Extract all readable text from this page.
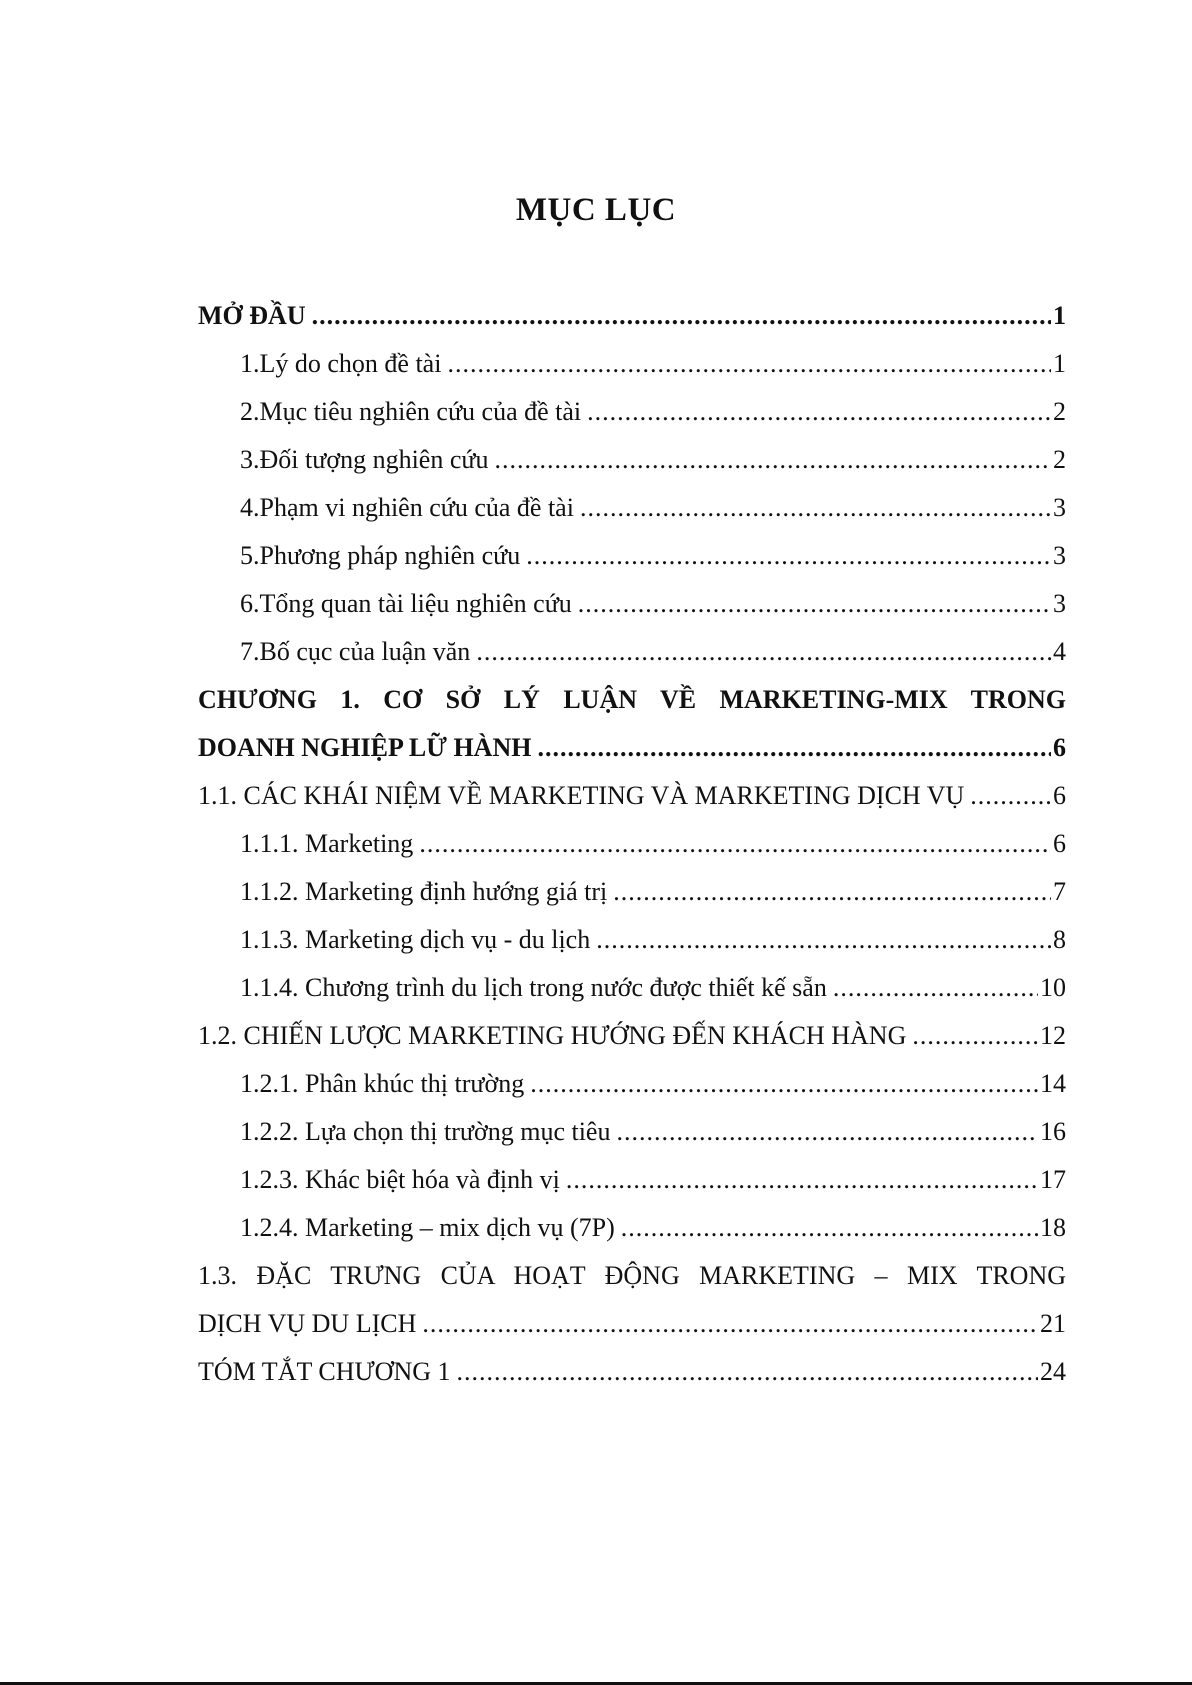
MỤC LỤC
MỞ ĐẦU .....	1
1.Lý do chọn đề tài .....	1
2.Mục tiêu nghiên cứu của đề tài .....	2
3.Đối tượng nghiên cứu .....	2
4.Phạm vi nghiên cứu của đề tài .....	3
5.Phương pháp nghiên cứu .....	3
6.Tổng quan tài liệu nghiên cứu .....	3
7.Bố cục của luận văn .....	4
CHƯƠNG 1. CƠ SỞ LÝ LUẬN VỀ MARKETING-MIX TRONG
DOANH NGHIỆP LỮ HÀNH .....	6
1.1. CÁC KHÁI NIỆM VỀ MARKETING VÀ MARKETING DỊCH VỤ .....	6
1.1.1. Marketing .....	6
1.1.2. Marketing định hướng giá trị .....	7
1.1.3. Marketing dịch vụ - du lịch .....	8
1.1.4. Chương trình du lịch trong nước được thiết kế sẵn .....	10
1.2. CHIẾN LƯỢC MARKETING HƯỚNG ĐẾN KHÁCH HÀNG .....	12
1.2.1. Phân khúc thị trường .....	14
1.2.2. Lựa chọn thị trường mục tiêu .....	16
1.2.3. Khác biệt hóa và định vị .....	17
1.2.4. Marketing – mix dịch vụ (7P) .....	18
1.3. ĐẶC TRƯNG CỦA HOẠT ĐỘNG MARKETING – MIX TRONG
DỊCH VỤ DU LỊCH .....	21
TÓM TẮT CHƯƠNG 1 .....	24
